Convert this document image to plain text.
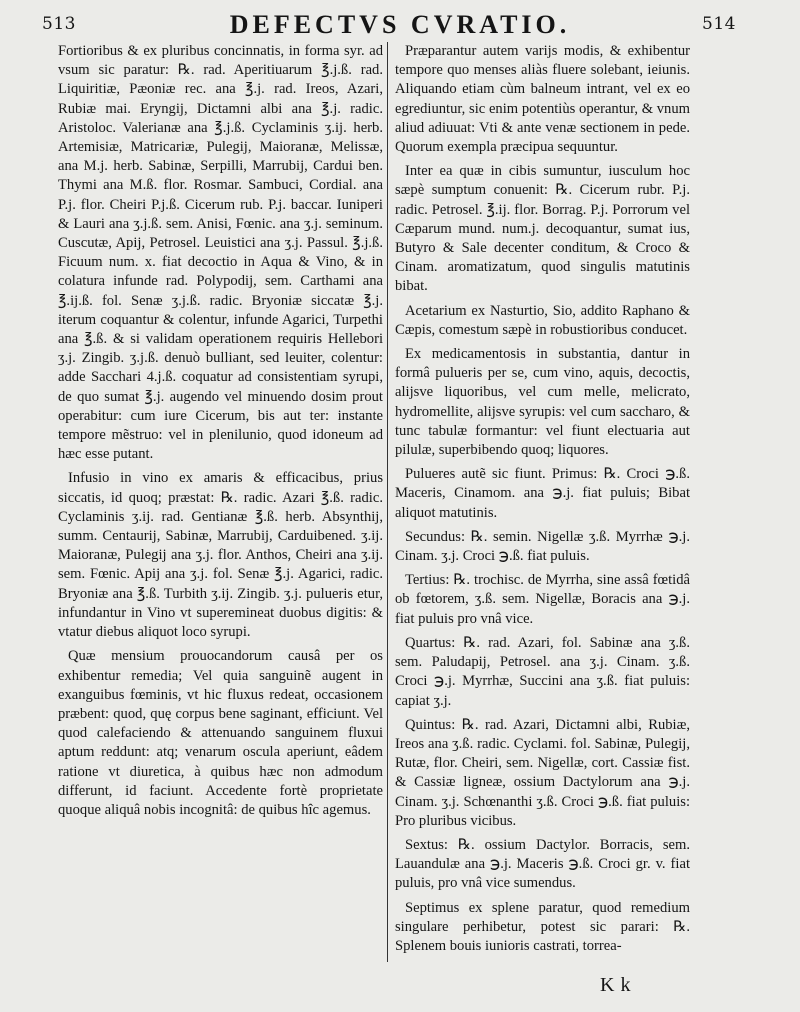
513	DEFECTVS CVRATIO.	514

Fortioribus & ex pluribus concinnatis, in forma syr. ad vsum sic paratur: ℞. rad. Aperitiuarum ℥.j.ß. rad. Liquiritiæ, Pæoniæ rec. ana ℥.j. rad. Ireos, Azari, Rubiæ mai. Eryngij, Dictamni albi ana ℥.j. radic. Aristoloc. Valerianæ ana ℥.j.ß. Cyclaminis ʒ.ij. herb. Artemisiæ, Matricariæ, Pulegij, Maioranæ, Melissæ, ana M.j. herb. Sabinæ, Serpilli, Marrubij, Cardui ben. Thymi ana M.ß. flor. Rosmar. Sambuci, Cordial. ana P.j. flor. Cheiri P.j.ß. Cicerum rub. P.j. baccar. Iuniperi & Lauri ana ʒ.j.ß. sem. Anisi, Fœnic. ana ʒ.j. seminum. Cuscutæ, Apij, Petrosel. Leuistici ana ʒ.j. Passul. ℥.j.ß. Ficuum num. x. fiat decoctio in Aqua & Vino, & in colatura infunde rad. Polypodij, sem. Carthami ana ℥.ij.ß. fol. Senæ ʒ.j.ß. radic. Bryoniæ siccatæ ℥.j. iterum coquantur & colentur, infunde Agarici, Turpethi ana ℥.ß. & si validam operationem requiris Hellebori ʒ.j. Zingib. ʒ.j.ß. denuò bulliant, sed leuiter, colentur: adde Sacchari 4.j.ß. coquatur ad consistentiam syrupi, de quo sumat ℥.j. augendo vel minuendo dosim prout operabitur: cum iure Cicerum, bis aut ter: instante tempore mẽstruo: vel in plenilunio, quod idoneum ad hæc esse putant.

Infusio in vino ex amaris & efficacibus, prius siccatis, id quoq; præstat: ℞. radic. Azari ℥.ß. radic. Cyclaminis ʒ.ij. rad. Gentianæ ℥.ß. herb. Absynthij, summ. Centaurij, Sabinæ, Marrubij, Carduibened. ʒ.ij. Maioranæ, Pulegij ana ʒ.j. flor. Anthos, Cheiri ana ʒ.ij. sem. Fœnic. Apij ana ʒ.j. fol. Senæ ℥.j. Agarici, radic. Bryoniæ ana ℥.ß. Turbith ʒ.ij. Zingib. ʒ.j. pulueris etur, infundantur in Vino vt superemineat duobus digitis: & vtatur diebus aliquot loco syrupi.

Quæ mensium prouocandorum causâ per os exhibentur remedia; Vel quia sanguinẽ augent in exanguibus fœminis, vt hic fluxus redeat, occasionem præbent: quod, quę corpus bene saginant, efficiunt. Vel quod calefaciendo & attenuando sanguinem fluxui aptum reddunt: atq; venarum oscula aperiunt, eâdem ratione vt diuretica, à quibus hæc non admodum differunt, id faciunt. Accedente fortè proprietate quoque aliquâ nobis incognitâ: de quibus hîc agemus.

Præparantur autem varijs modis, & exhibentur tempore quo menses aliàs fluere solebant, ieiunis. Aliquando etiam cùm balneum intrant, vel ex eo egrediuntur, sic enim potentiùs operantur, & vnum aliud adiuuat: Vti & ante venæ sectionem in pede. Quorum exempla præcipua sequuntur.

Inter ea quæ in cibis sumuntur, iusculum hoc sæpè sumptum conuenit: ℞. Cicerum rubr. P.j. radic. Petrosel. ℥.ij. flor. Borrag. P.j. Porrorum vel Cæparum mund. num.j. decoquantur, sumat ius, Butyro & Sale decenter conditum, & Croco & Cinam. aromatizatum, quod singulis matutinis bibat.

Acetarium ex Nasturtio, Sio, addito Raphano & Cæpis, comestum sæpè in robustioribus conducet.

Ex medicamentosis in substantia, dantur in formâ pulueris per se, cum vino, aquis, decoctis, alijsve liquoribus, vel cum melle, melicrato, hydromellite, alijsve syrupis: vel cum saccharo, & tunc tabulæ formantur: vel fiunt electuaria aut pilulæ, superbibendo quoq; liquores.

Pulueres autẽ sic fiunt. Primus: ℞. Croci ℈.ß. Maceris, Cinamom. ana ℈.j. fiat puluis; Bibat aliquot matutinis.

Secundus: ℞. semin. Nigellæ ʒ.ß. Myrrhæ ℈.j. Cinam. ʒ.j. Croci ℈.ß. fiat puluis.

Tertius: ℞. trochisc. de Myrrha, sine assâ fœtidâ ob fœtorem, ʒ.ß. sem. Nigellæ, Boracis ana ℈.j. fiat puluis pro vnâ vice.

Quartus: ℞. rad. Azari, fol. Sabinæ ana ʒ.ß. sem. Paludapij, Petrosel. ana ʒ.j. Cinam. ʒ.ß. Croci ℈.j. Myrrhæ, Succini ana ʒ.ß. fiat puluis: capiat ʒ.j.

Quintus: ℞. rad. Azari, Dictamni albi, Rubiæ, Ireos ana ʒ.ß. radic. Cyclami. fol. Sabinæ, Pulegij, Rutæ, flor. Cheiri, sem. Nigellæ, cort. Cassiæ fist. & Cassiæ ligneæ, ossium Dactylorum ana ℈.j. Cinam. ʒ.j. Schœnanthi ʒ.ß. Croci ℈.ß. fiat puluis: Pro pluribus vicibus.

Sextus: ℞. ossium Dactylor. Borracis, sem. Lauandulæ ana ℈.j. Maceris ℈.ß. Croci gr. v. fiat puluis, pro vnâ vice sumendus.

Septimus ex splene paratur, quod remedium singulare perhibetur, potest sic parari: ℞. Splenem bouis iunioris castrati, torrea-

Kk
